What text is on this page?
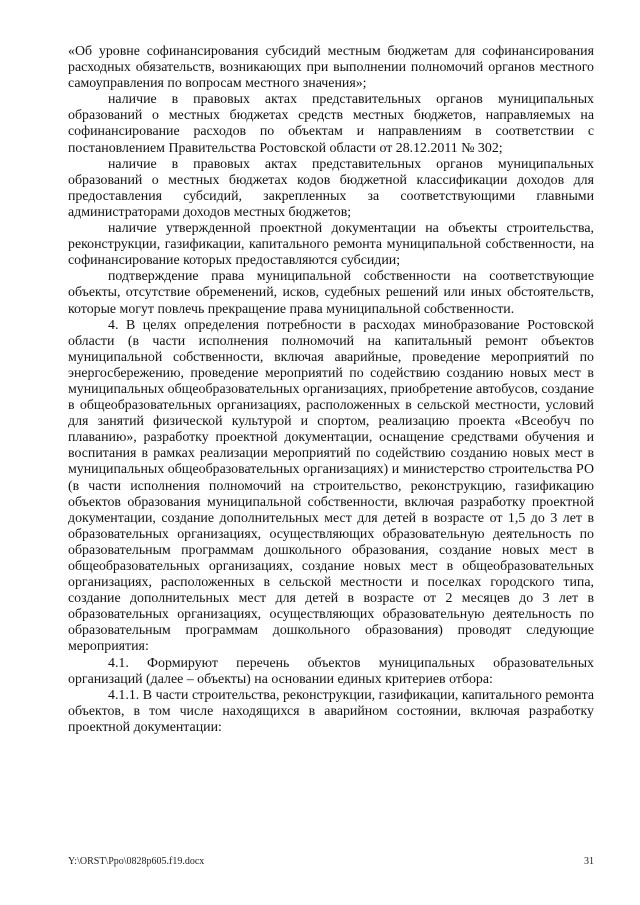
«Об уровне софинансирования субсидий местным бюджетам для софинансирования расходных обязательств, возникающих при выполнении полномочий органов местного самоуправления по вопросам местного значения»;

наличие в правовых актах представительных органов муниципальных образований о местных бюджетах средств местных бюджетов, направляемых на софинансирование расходов по объектам и направлениям в соответствии с постановлением Правительства Ростовской области от 28.12.2011 № 302;

наличие в правовых актах представительных органов муниципальных образований о местных бюджетах кодов бюджетной классификации доходов для предоставления субсидий, закрепленных за соответствующими главными администраторами доходов местных бюджетов;

наличие утвержденной проектной документации на объекты строительства, реконструкции, газификации, капитального ремонта муниципальной собственности, на софинансирование которых предоставляются субсидии;

подтверждение права муниципальной собственности на соответствующие объекты, отсутствие обременений, исков, судебных решений или иных обстоятельств, которые могут повлечь прекращение права муниципальной собственности.

4. В целях определения потребности в расходах минобразование Ростовской области (в части исполнения полномочий на капитальный ремонт объектов муниципальной собственности, включая аварийные, проведение мероприятий по энергосбережению, проведение мероприятий по содействию созданию новых мест в муниципальных общеобразовательных организациях, приобретение автобусов, создание в общеобразовательных организациях, расположенных в сельской местности, условий для занятий физической культурой и спортом, реализацию проекта «Всеобуч по плаванию», разработку проектной документации, оснащение средствами обучения и воспитания в рамках реализации мероприятий по содействию созданию новых мест в муниципальных общеобразовательных организациях) и министерство строительства РО (в части исполнения полномочий на строительство, реконструкцию, газификацию объектов образования муниципальной собственности, включая разработку проектной документации, создание дополнительных мест для детей в возрасте от 1,5 до 3 лет в образовательных организациях, осуществляющих образовательную деятельность по образовательным программам дошкольного образования, создание новых мест в общеобразовательных организациях, создание новых мест в общеобразовательных организациях, расположенных в сельской местности и поселках городского типа, создание дополнительных мест для детей в возрасте от 2 месяцев до 3 лет в образовательных организациях, осуществляющих образовательную деятельность по образовательным программам дошкольного образования) проводят следующие мероприятия:

4.1. Формируют перечень объектов муниципальных образовательных организаций (далее – объекты) на основании единых критериев отбора:

4.1.1. В части строительства, реконструкции, газификации, капитального ремонта объектов, в том числе находящихся в аварийном состоянии, включая разработку проектной документации:

Y:\ORST\Ppo\0828p605.f19.docx	31
